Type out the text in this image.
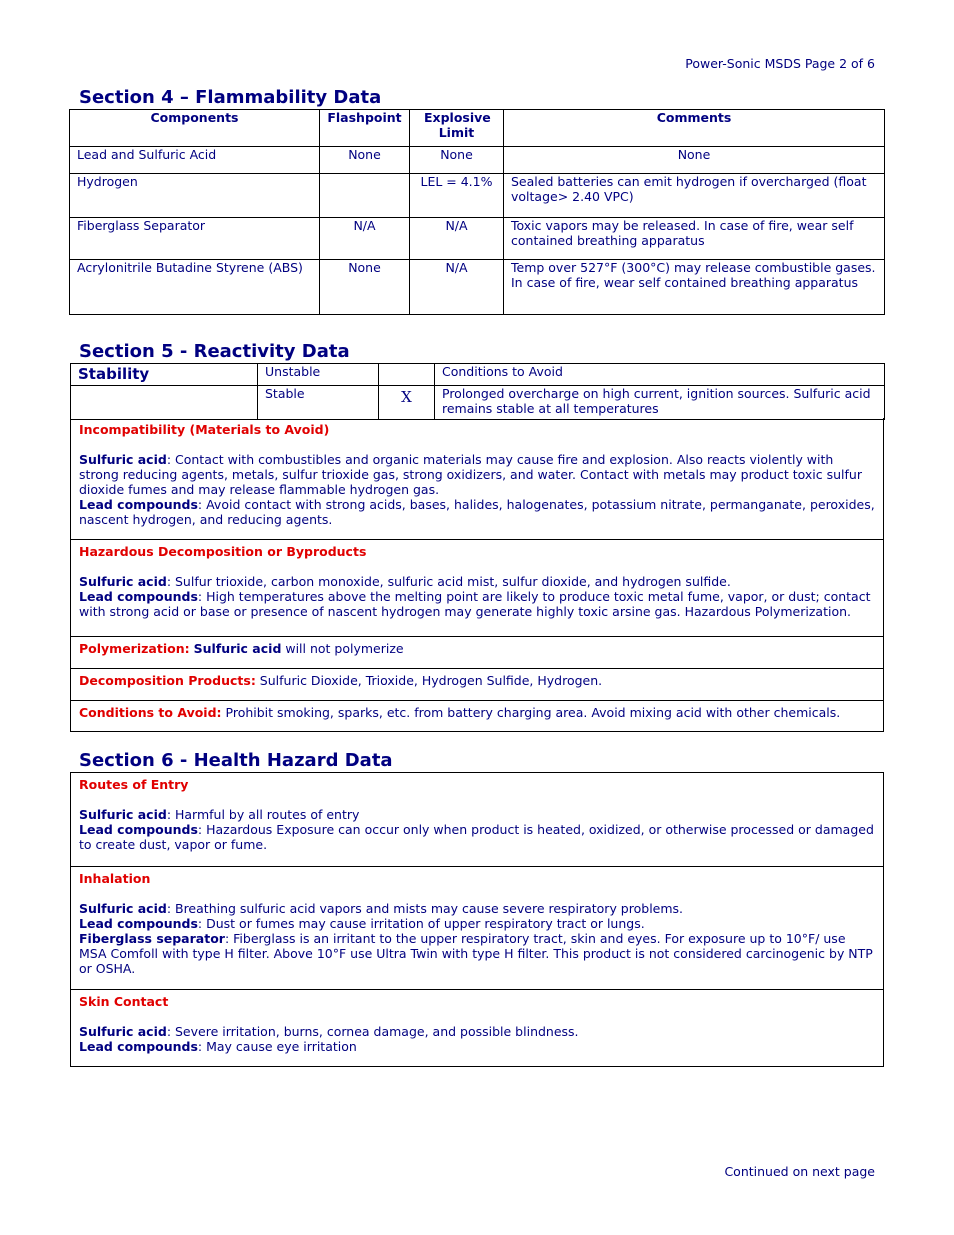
Power-Sonic MSDS Page 2 of 6
Section 4 – Flammability Data
Components	Flashpoint	Explosive Limit	Comments
Lead and Sulfuric Acid	None	None	None
Hydrogen		LEL = 4.1%	Sealed batteries can emit hydrogen if overcharged (float voltage> 2.40 VPC)
Fiberglass Separator	N/A	N/A	Toxic vapors may be released. In case of fire, wear self contained breathing apparatus
Acrylonitrile Butadine Styrene (ABS)	None	N/A	Temp over 527°F (300°C) may release combustible gases. In case of fire, wear self contained breathing apparatus
Section 5 - Reactivity Data
Stability	Unstable		Conditions to Avoid
	Stable	X	Prolonged overcharge on high current, ignition sources. Sulfuric acid remains stable at all temperatures
Incompatibility (Materials to Avoid)
Sulfuric acid: Contact with combustibles and organic materials may cause fire and explosion. Also reacts violently with strong reducing agents, metals, sulfur trioxide gas, strong oxidizers, and water. Contact with metals may product toxic sulfur dioxide fumes and may release flammable hydrogen gas.
Lead compounds: Avoid contact with strong acids, bases, halides, halogenates, potassium nitrate, permanganate, peroxides, nascent hydrogen, and reducing agents.
Hazardous Decomposition or Byproducts
Sulfuric acid: Sulfur trioxide, carbon monoxide, sulfuric acid mist, sulfur dioxide, and hydrogen sulfide.
Lead compounds: High temperatures above the melting point are likely to produce toxic metal fume, vapor, or dust; contact with strong acid or base or presence of nascent hydrogen may generate highly toxic arsine gas. Hazardous Polymerization.
Polymerization: Sulfuric acid will not polymerize
Decomposition Products: Sulfuric Dioxide, Trioxide, Hydrogen Sulfide, Hydrogen.
Conditions to Avoid: Prohibit smoking, sparks, etc. from battery charging area. Avoid mixing acid with other chemicals.
Section 6 - Health Hazard Data
Routes of Entry
Sulfuric acid: Harmful by all routes of entry
Lead compounds: Hazardous Exposure can occur only when product is heated, oxidized, or otherwise processed or damaged to create dust, vapor or fume.
Inhalation
Sulfuric acid: Breathing sulfuric acid vapors and mists may cause severe respiratory problems.
Lead compounds: Dust or fumes may cause irritation of upper respiratory tract or lungs.
Fiberglass separator: Fiberglass is an irritant to the upper respiratory tract, skin and eyes. For exposure up to 10°F/ use MSA Comfoll with type H filter. Above 10°F use Ultra Twin with type H filter. This product is not considered carcinogenic by NTP or OSHA.
Skin Contact
Sulfuric acid: Severe irritation, burns, cornea damage, and possible blindness.
Lead compounds: May cause eye irritation
Continued on next page
